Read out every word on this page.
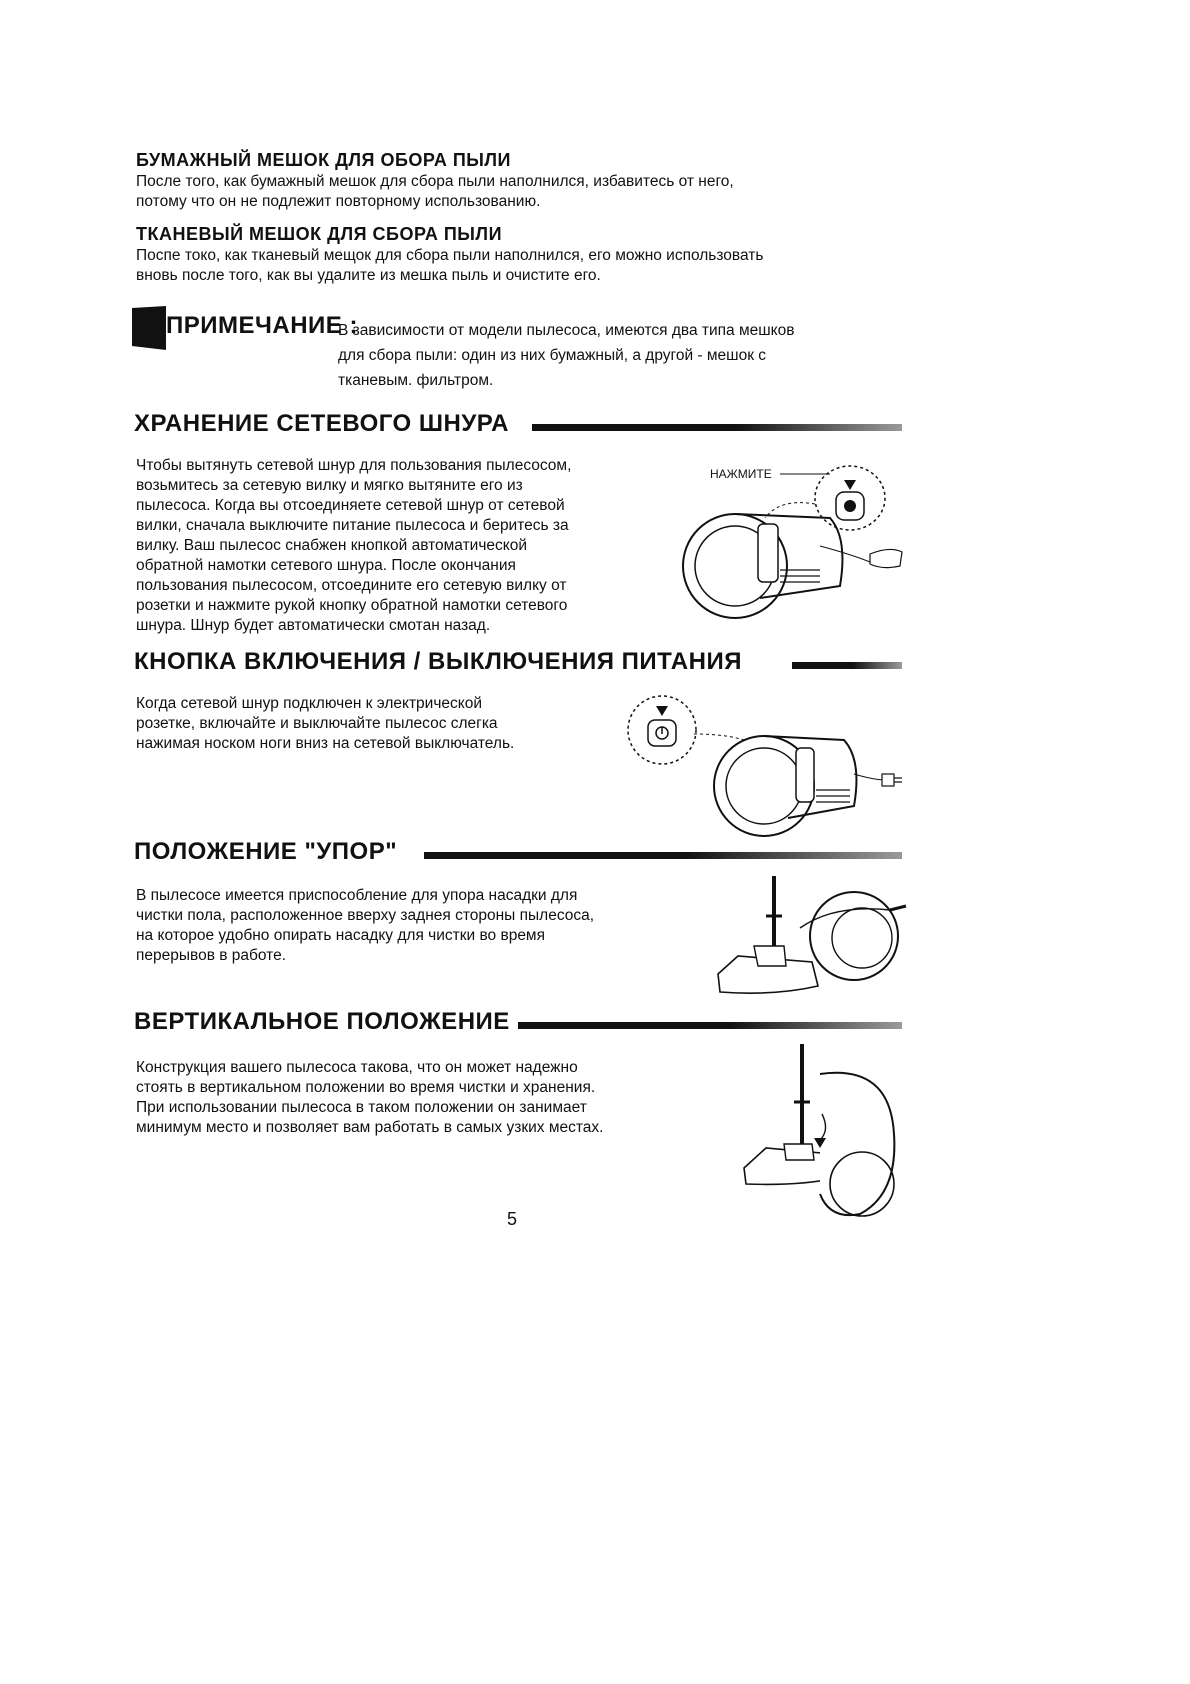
БУМАЖНЫЙ МЕШОК ДЛЯ ОБОРА ПЫЛИ
После того, как бумажный мешок для сбора пыли наполнился, избавитесь от него,
потому что он не подлежит повторному использованию.
ТКАНЕВЫЙ МЕШОК ДЛЯ СБОРА ПЫЛИ
Поспе токо, как тканевый мещок для сбора пыли наполнился, его можно использовать
вновь после того, как вы удалите из мешка пыль и очистите его.
ПРИМЕЧАНИЕ :
В зависимости от модели пылесоса, имеются два типа мешков
для сбора пыли: один из них бумажный, а другой - мешок с
тканевым. фильтром.
ХРАНЕНИЕ СЕТЕВОГО ШНУРА
Чтобы вытянуть сетевой шнур для пользования пылесосом,
возьмитесь за сетевую вилку и мягко вытяните его из
пылесоса. Когда вы отсоединяете сетевой шнур от сетевой
вилки, сначала выключите питание пылесоса и беритесь за
вилку. Ваш пылесос снабжен кнопкой автоматической
обратной намотки сетевого шнура. После окончания
пользования пылесосом, отсоедините его сетевую вилку от
розетки и нажмите рукой кнопку обратной намотки сетевого
шнура. Шнур будет автоматически смотан назад.
НАЖМИТЕ
КНОПКА ВКЛЮЧЕНИЯ / ВЫКЛЮЧЕНИЯ ПИТАНИЯ
Когда сетевой шнур подключен к электрической
розетке, включайте и выключайте пылесос слегка
нажимая носком ноги вниз на сетевой выключатель.
ПОЛОЖЕНИЕ "УПОР"
В пылесосе имеется приспособление для упора насадки для
чистки пола, расположенное вверху заднея стороны пылесоса,
на которое удобно опирать насадку для чистки во время
перерывов в работе.
ВЕРТИКАЛЬНОЕ ПОЛОЖЕНИЕ
Конструкция вашего пылесоса такова, что он может надежно
стоять в вертикальном положении во время чистки и хранения.
При использовании пылесоса в таком положении он занимает
минимум место и позволяет вам работать в самых узких местах.
5
